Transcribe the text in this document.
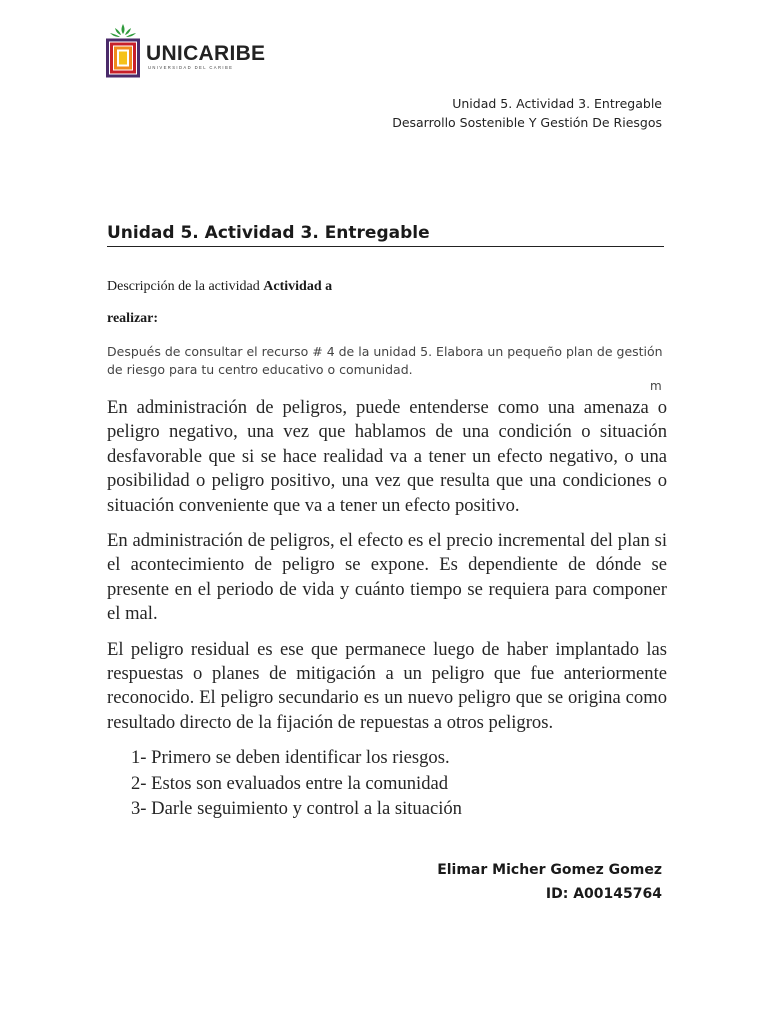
UNICARIBE
UNIVERSIDAD DEL CARIBE
Unidad 5. Actividad 3. Entregable
Desarrollo Sostenible Y Gestión De Riesgos
Unidad 5. Actividad 3. Entregable
Descripción de la actividad Actividad a
realizar:
Después de consultar el recurso # 4 de la unidad 5. Elabora un pequeño plan de gestión de riesgo para tu centro educativo o comunidad.
m

En administración de peligros, puede entenderse como una amenaza o peligro negativo, una vez que hablamos de una condición o situación desfavorable que si se hace realidad va a tener un efecto negativo, o una posibilidad o peligro positivo, una vez que resulta que una condiciones o situación conveniente que va a tener un efecto positivo.

En administración de peligros, el efecto es el precio incremental del plan si el acontecimiento de peligro se expone. Es dependiente de dónde se presente en el periodo de vida y cuánto tiempo se requiera para componer el mal.

El peligro residual es ese que permanece luego de haber implantado las respuestas o planes de mitigación a un peligro que fue anteriormente reconocido. El peligro secundario es un nuevo peligro que se origina como resultado directo de la fijación de repuestas a otros peligros.

1- Primero se deben identificar los riesgos.
2- Estos son evaluados entre la comunidad
3- Darle seguimiento y control a la situación
Elimar Micher Gomez Gomez
ID: A00145764
